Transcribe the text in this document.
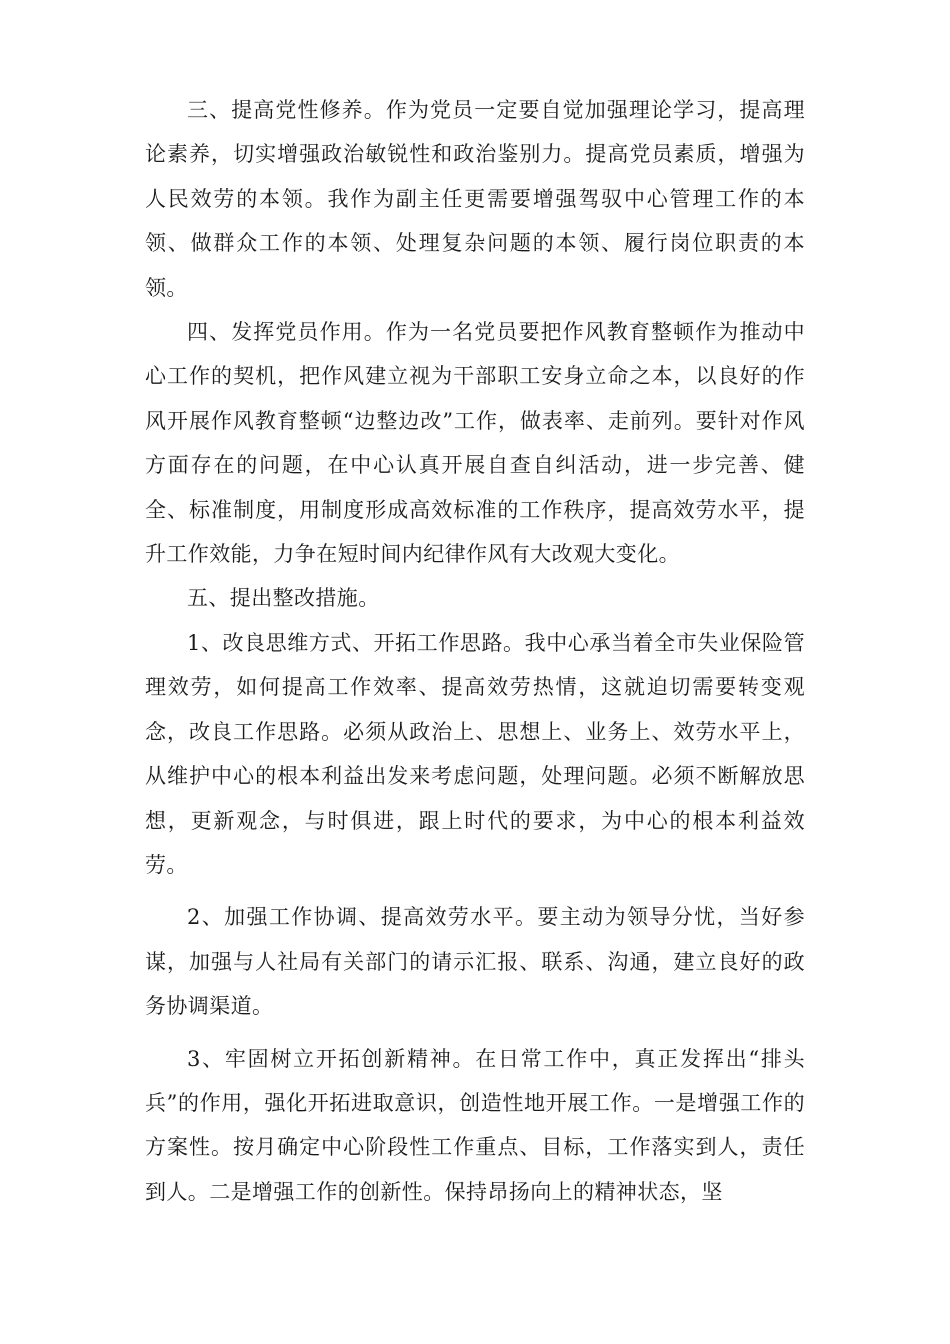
三、提高党性修养。作为党员一定要自觉加强理论学习，提高理论素养，切实增强政治敏锐性和政治鉴别力。提高党员素质，增强为人民效劳的本领。我作为副主任更需要增强驾驭中心管理工作的本领、做群众工作的本领、处理复杂问题的本领、履行岗位职责的本领。

四、发挥党员作用。作为一名党员要把作风教育整顿作为推动中心工作的契机，把作风建立视为干部职工安身立命之本，以良好的作风开展作风教育整顿“边整边改”工作，做表率、走前列。要针对作风方面存在的问题，在中心认真开展自查自纠活动，进一步完善、健全、标准制度，用制度形成高效标准的工作秩序，提高效劳水平，提升工作效能，力争在短时间内纪律作风有大改观大变化。

五、提出整改措施。

1、改良思维方式、开拓工作思路。我中心承当着全市失业保险管理效劳，如何提高工作效率、提高效劳热情，这就迫切需要转变观念，改良工作思路。必须从政治上、思想上、业务上、效劳水平上，从维护中心的根本利益出发来考虑问题，处理问题。必须不断解放思想，更新观念，与时俱进，跟上时代的要求，为中心的根本利益效劳。

2、加强工作协调、提高效劳水平。要主动为领导分忧，当好参谋，加强与人社局有关部门的请示汇报、联系、沟通，建立良好的政务协调渠道。

3、牢固树立开拓创新精神。在日常工作中，真正发挥出“排头兵”的作用，强化开拓进取意识，创造性地开展工作。一是增强工作的方案性。按月确定中心阶段性工作重点、目标，工作落实到人，责任到人。二是增强工作的创新性。保持昂扬向上的精神状态，坚
